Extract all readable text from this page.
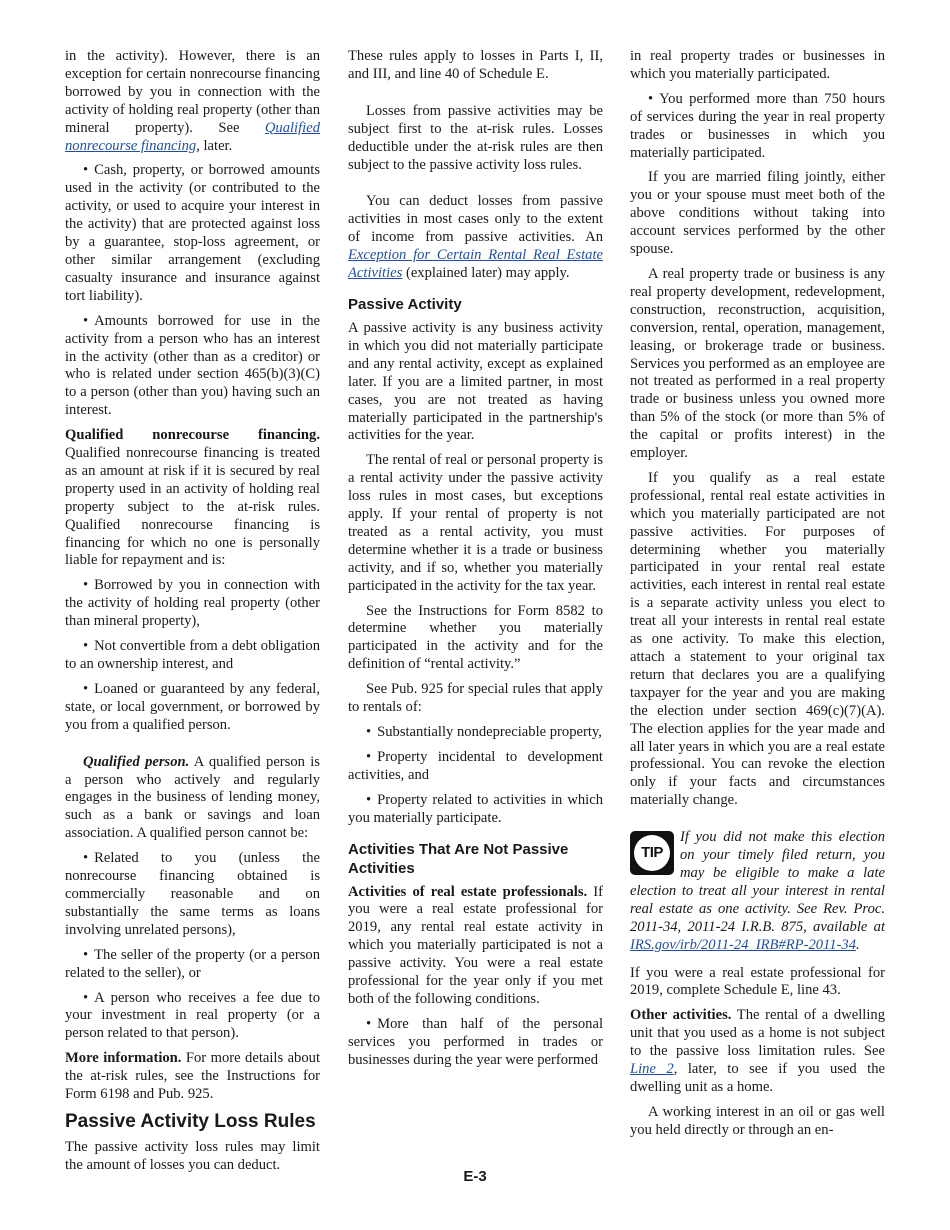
in the activity). However, there is an exception for certain nonrecourse financing borrowed by you in connection with the activity of holding real property (other than mineral property). See Qualified nonrecourse financing, later.

• Cash, property, or borrowed amounts used in the activity (or contributed to the activity, or used to acquire your interest in the activity) that are protected against loss by a guarantee, stop-loss agreement, or other similar arrangement (excluding casualty insurance and insurance against tort liability).

• Amounts borrowed for use in the activity from a person who has an interest in the activity (other than as a creditor) or who is related under section 465(b)(3)(C) to a person (other than you) having such an interest.

Qualified nonrecourse financing. Qualified nonrecourse financing is treated as an amount at risk if it is secured by real property used in an activity of holding real property subject to the at-risk rules. Qualified nonrecourse financing is financing for which no one is personally liable for repayment and is:

• Borrowed by you in connection with the activity of holding real property (other than mineral property),

• Not convertible from a debt obligation to an ownership interest, and

• Loaned or guaranteed by any federal, state, or local government, or borrowed by you from a qualified person.

Qualified person. A qualified person is a person who actively and regularly engages in the business of lending money, such as a bank or savings and loan association. A qualified person cannot be:

• Related to you (unless the nonrecourse financing obtained is commercially reasonable and on substantially the same terms as loans involving unrelated persons),

• The seller of the property (or a person related to the seller), or

• A person who receives a fee due to your investment in real property (or a person related to that person).

More information. For more details about the at-risk rules, see the Instructions for Form 6198 and Pub. 925.

Passive Activity Loss Rules

The passive activity loss rules may limit the amount of losses you can deduct.

These rules apply to losses in Parts I, II, and III, and line 40 of Schedule E.

Losses from passive activities may be subject first to the at-risk rules. Losses deductible under the at-risk rules are then subject to the passive activity loss rules.

You can deduct losses from passive activities in most cases only to the extent of income from passive activities. An Exception for Certain Rental Real Estate Activities (explained later) may apply.

Passive Activity

A passive activity is any business activity in which you did not materially participate and any rental activity, except as explained later. If you are a limited partner, in most cases, you are not treated as having materially participated in the partnership's activities for the year.

The rental of real or personal property is a rental activity under the passive activity loss rules in most cases, but exceptions apply. If your rental of property is not treated as a rental activity, you must determine whether it is a trade or business activity, and if so, whether you materially participated in the activity for the tax year.

See the Instructions for Form 8582 to determine whether you materially participated in the activity and for the definition of “rental activity.”

See Pub. 925 for special rules that apply to rentals of:

• Substantially nondepreciable property,

• Property incidental to development activities, and

• Property related to activities in which you materially participate.

Activities That Are Not Passive Activities

Activities of real estate professionals. If you were a real estate professional for 2019, any rental real estate activity in which you materially participated is not a passive activity. You were a real estate professional for the year only if you met both of the following conditions.

• More than half of the personal services you performed in trades or businesses during the year were performed

in real property trades or businesses in which you materially participated.

• You performed more than 750 hours of services during the year in real property trades or businesses in which you materially participated.

If you are married filing jointly, either you or your spouse must meet both of the above conditions without taking into account services performed by the other spouse.

A real property trade or business is any real property development, redevelopment, construction, reconstruction, acquisition, conversion, rental, operation, management, leasing, or brokerage trade or business. Services you performed as an employee are not treated as performed in a real property trade or business unless you owned more than 5% of the stock (or more than 5% of the capital or profits interest) in the employer.

If you qualify as a real estate professional, rental real estate activities in which you materially participated are not passive activities. For purposes of determining whether you materially participated in your rental real estate activities, each interest in rental real estate is a separate activity unless you elect to treat all your interests in rental real estate as one activity. To make this election, attach a statement to your original tax return that declares you are a qualifying taxpayer for the year and you are making the election under section 469(c)(7)(A). The election applies for the year made and all later years in which you are a real estate professional. You can revoke the election only if your facts and circumstances materially change.

TIP

If you did not make this election on your timely filed return, you may be eligible to make a late election to treat all your interest in rental real estate as one activity. See Rev. Proc. 2011-34, 2011-24 I.R.B. 875, available at IRS.gov/irb/2011-24_IRB#RP-2011-34.

If you were a real estate professional for 2019, complete Schedule E, line 43.

Other activities. The rental of a dwelling unit that you used as a home is not subject to the passive loss limitation rules. See Line 2, later, to see if you used the dwelling unit as a home.

A working interest in an oil or gas well you held directly or through an en-

E-3
